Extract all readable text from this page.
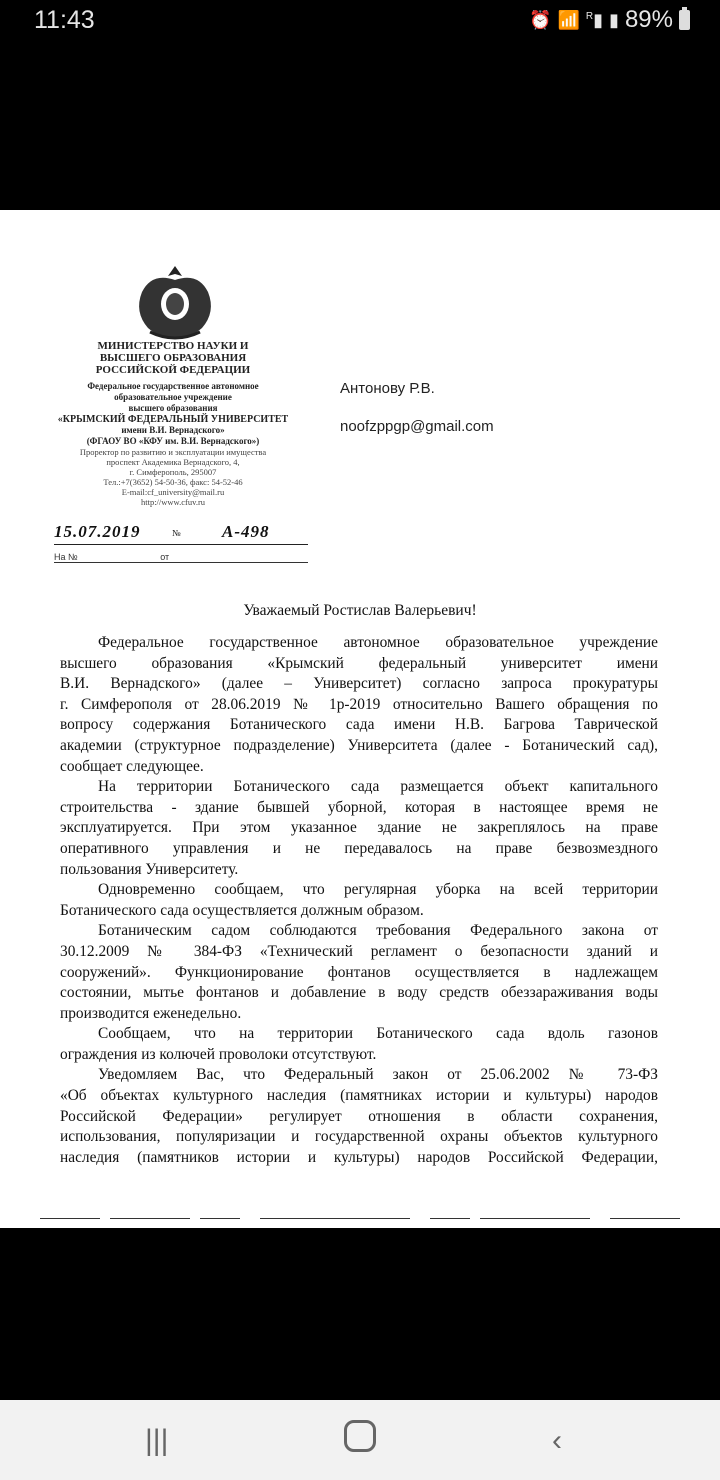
11:43	⏰ 📶 $^R$▮ ▮ 89%
МИНИСТЕРСТВО НАУКИ И
ВЫСШЕГО ОБРАЗОВАНИЯ
РОССИЙСКОЙ ФЕДЕРАЦИИ
Федеральное государственное автономное
образовательное учреждение
высшего образования
«КРЫМСКИЙ ФЕДЕРАЛЬНЫЙ УНИВЕРСИТЕТ
имени В.И. Вернадского»
(ФГАОУ ВО «КФУ им. В.И. Вернадского»)
Проректор по развитию и эксплуатации имущества
проспект Академика Вернадского, 4,
г. Симферополь, 295007
Тел.:+7(3652) 54-50-36, факс: 54-52-46
E-mail:cf_university@mail.ru
http://www.cfuv.ru
15.07.2019	№ А-498
На №	от
Антонову Р.В.
noofzppgp@gmail.com
Уважаемый Ростислав Валерьевич!
Федеральное государственное автономное образовательное учреждение
высшего образования «Крымский федеральный университет имени
В.И. Вернадского» (далее – Университет) согласно запроса прокуратуры
г. Симферополя от 28.06.2019 № 1р-2019 относительно Вашего обращения по
вопросу содержания Ботанического сада имени Н.В. Багрова Таврической
академии (структурное подразделение) Университета (далее - Ботанический сад),
сообщает следующее.
На территории Ботанического сада размещается объект капитального
строительства - здание бывшей уборной, которая в настоящее время не
эксплуатируется. При этом указанное здание не закреплялось на праве
оперативного управления и не передавалось на праве безвозмездного
пользования Университету.
Одновременно сообщаем, что регулярная уборка на всей территории
Ботанического сада осуществляется должным образом.
Ботаническим садом соблюдаются требования Федерального закона от
30.12.2009 № 384-ФЗ «Технический регламент о безопасности зданий и
сооружений». Функционирование фонтанов осуществляется в надлежащем
состоянии, мытье фонтанов и добавление в воду средств обеззараживания воды
производится еженедельно.
Сообщаем, что на территории Ботанического сада вдоль газонов
ограждения из колючей проволоки отсутствуют.
Уведомляем Вас, что Федеральный закон от 25.06.2002 № 73-ФЗ
«Об объектах культурного наследия (памятниках истории и культуры) народов
Российской Федерации» регулирует отношения в области сохранения,
использования, популяризации и государственной охраны объектов культурного
наследия (памятников истории и культуры) народов Российской Федерации,
|||	‹
